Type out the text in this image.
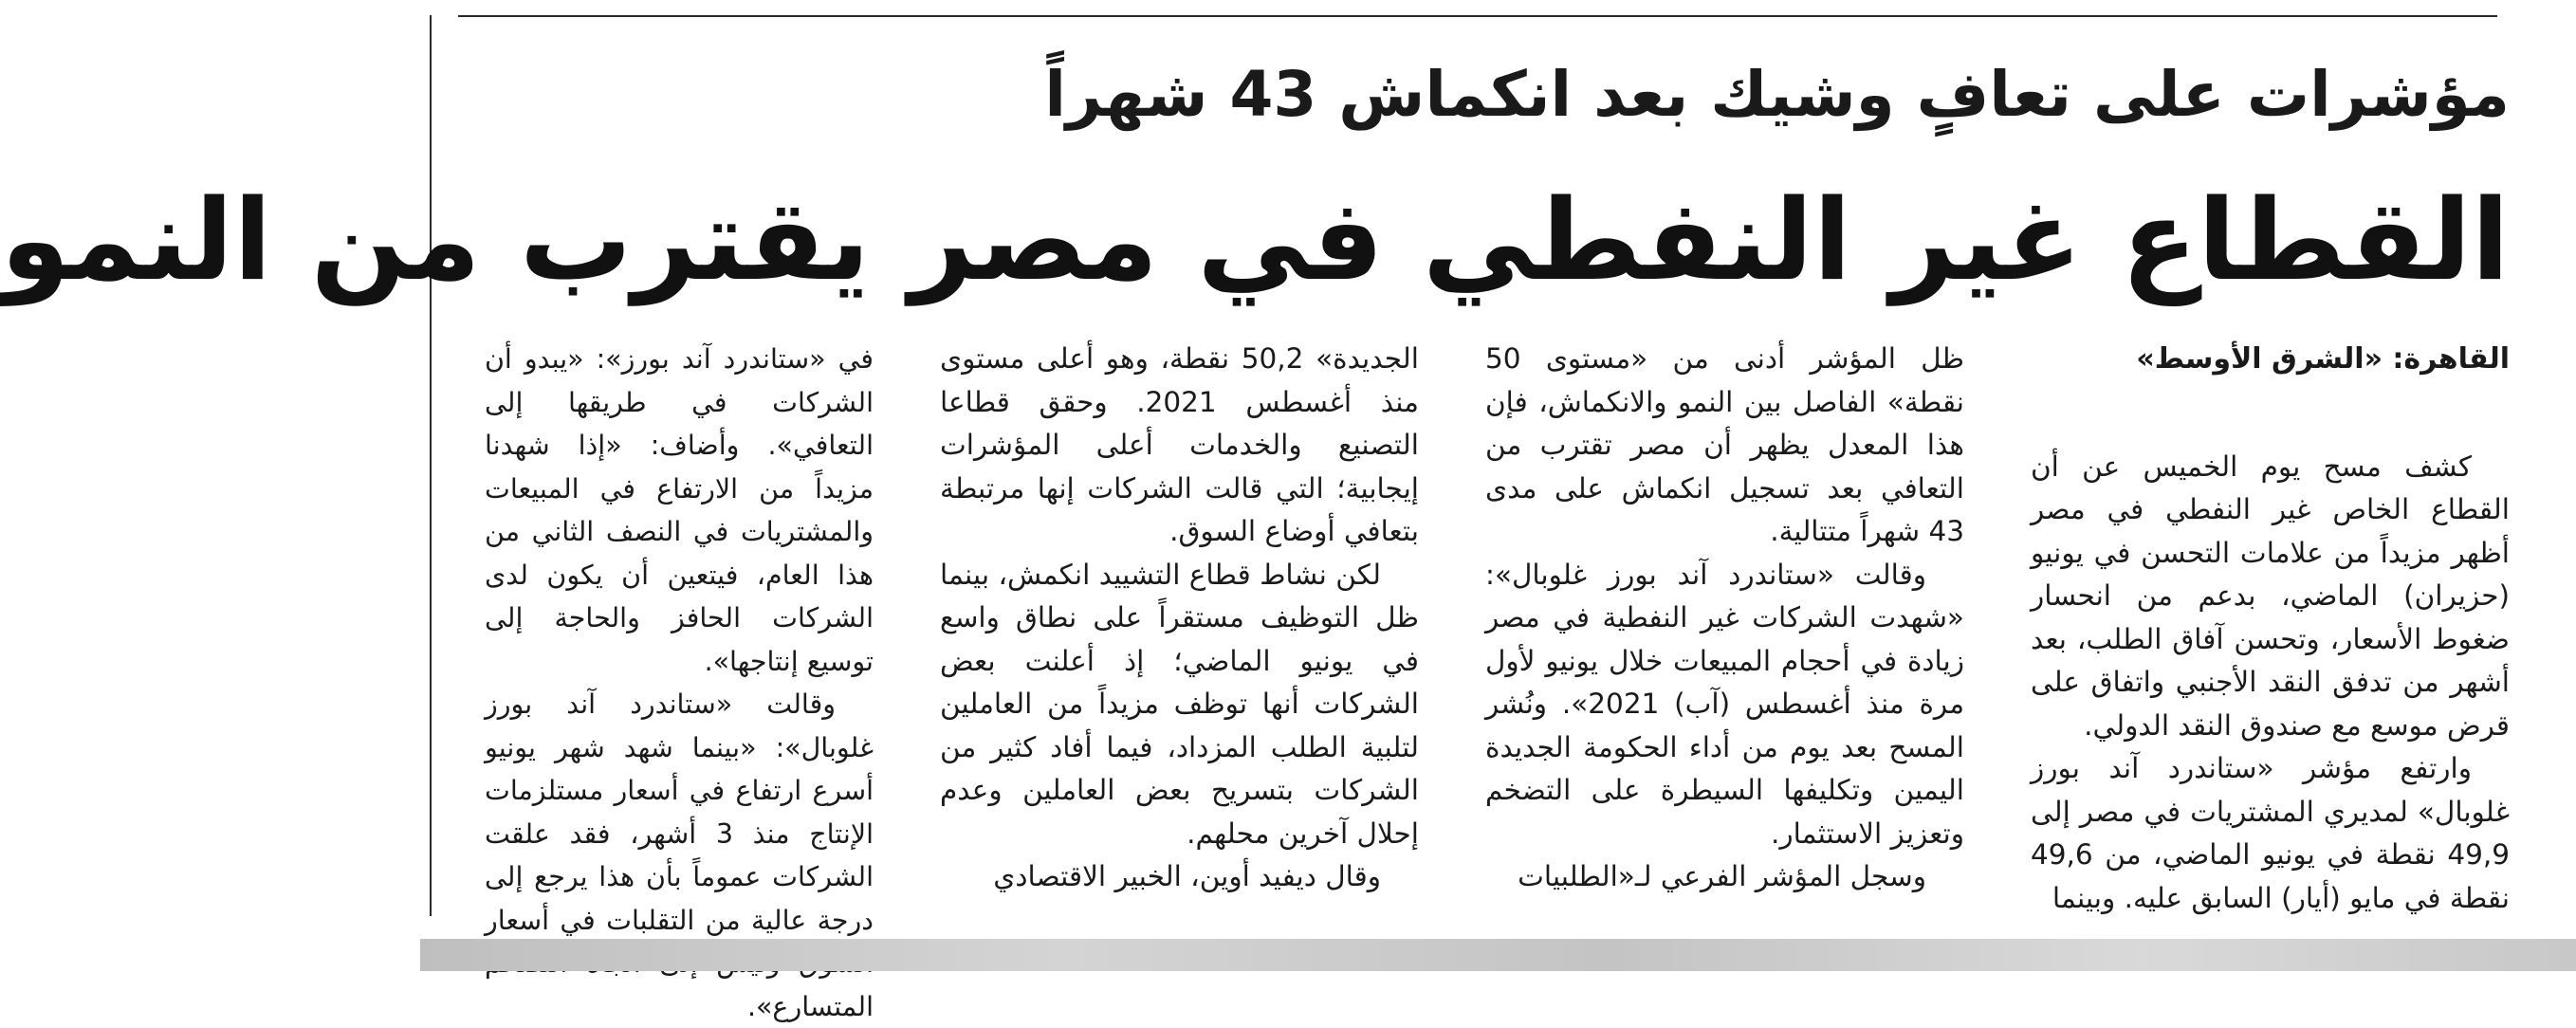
مؤشرات على تعافٍ وشيك بعد انكماش 43 شهراً
القطاع غير النفطي في مصر يقترب من النمو

القاهرة: «الشرق الأوسط»

كشف مسح يوم الخميس عن أن القطاع الخاص غير النفطي في مصر أظهر مزيداً من علامات التحسن في يونيو (حزيران) الماضي، بدعم من انحسار ضغوط الأسعار، وتحسن آفاق الطلب، بعد أشهر من تدفق النقد الأجنبي واتفاق على قرض موسع مع صندوق النقد الدولي.

وارتفع مؤشر «ستاندرد آند بورز غلوبال» لمديري المشتريات في مصر إلى 49,9 نقطة في يونيو الماضي، من 49,6 نقطة في مايو (أيار) السابق عليه. وبينما

ظل المؤشر أدنى من «مستوى 50 نقطة» الفاصل بين النمو والانكماش، فإن هذا المعدل يظهر أن مصر تقترب من التعافي بعد تسجيل انكماش على مدى 43 شهراً متتالية.

وقالت «ستاندرد آند بورز غلوبال»: «شهدت الشركات غير النفطية في مصر زيادة في أحجام المبيعات خلال يونيو لأول مرة منذ أغسطس (آب) 2021». ونُشر المسح بعد يوم من أداء الحكومة الجديدة اليمين وتكليفها السيطرة على التضخم وتعزيز الاستثمار.

وسجل المؤشر الفرعي لـ«الطلبيات

الجديدة» 50,2 نقطة، وهو أعلى مستوى منذ أغسطس 2021. وحقق قطاعا التصنيع والخدمات أعلى المؤشرات إيجابية؛ التي قالت الشركات إنها مرتبطة بتعافي أوضاع السوق.

لكن نشاط قطاع التشييد انكمش، بينما ظل التوظيف مستقراً على نطاق واسع في يونيو الماضي؛ إذ أعلنت بعض الشركات أنها توظف مزيداً من العاملين لتلبية الطلب المزداد، فيما أفاد كثير من الشركات بتسريح بعض العاملين وعدم إحلال آخرين محلهم.

وقال ديفيد أوين، الخبير الاقتصادي

في «ستاندرد آند بورز»: «يبدو أن الشركات في طريقها إلى التعافي». وأضاف: «إذا شهدنا مزيداً من الارتفاع في المبيعات والمشتريات في النصف الثاني من هذا العام، فيتعين أن يكون لدى الشركات الحافز والحاجة إلى توسيع إنتاجها».

وقالت «ستاندرد آند بورز غلوبال»: «بينما شهد شهر يونيو أسرع ارتفاع في أسعار مستلزمات الإنتاج منذ 3 أشهر، فقد علقت الشركات عموماً بأن هذا يرجع إلى درجة عالية من التقلبات في أسعار المتسارع».
